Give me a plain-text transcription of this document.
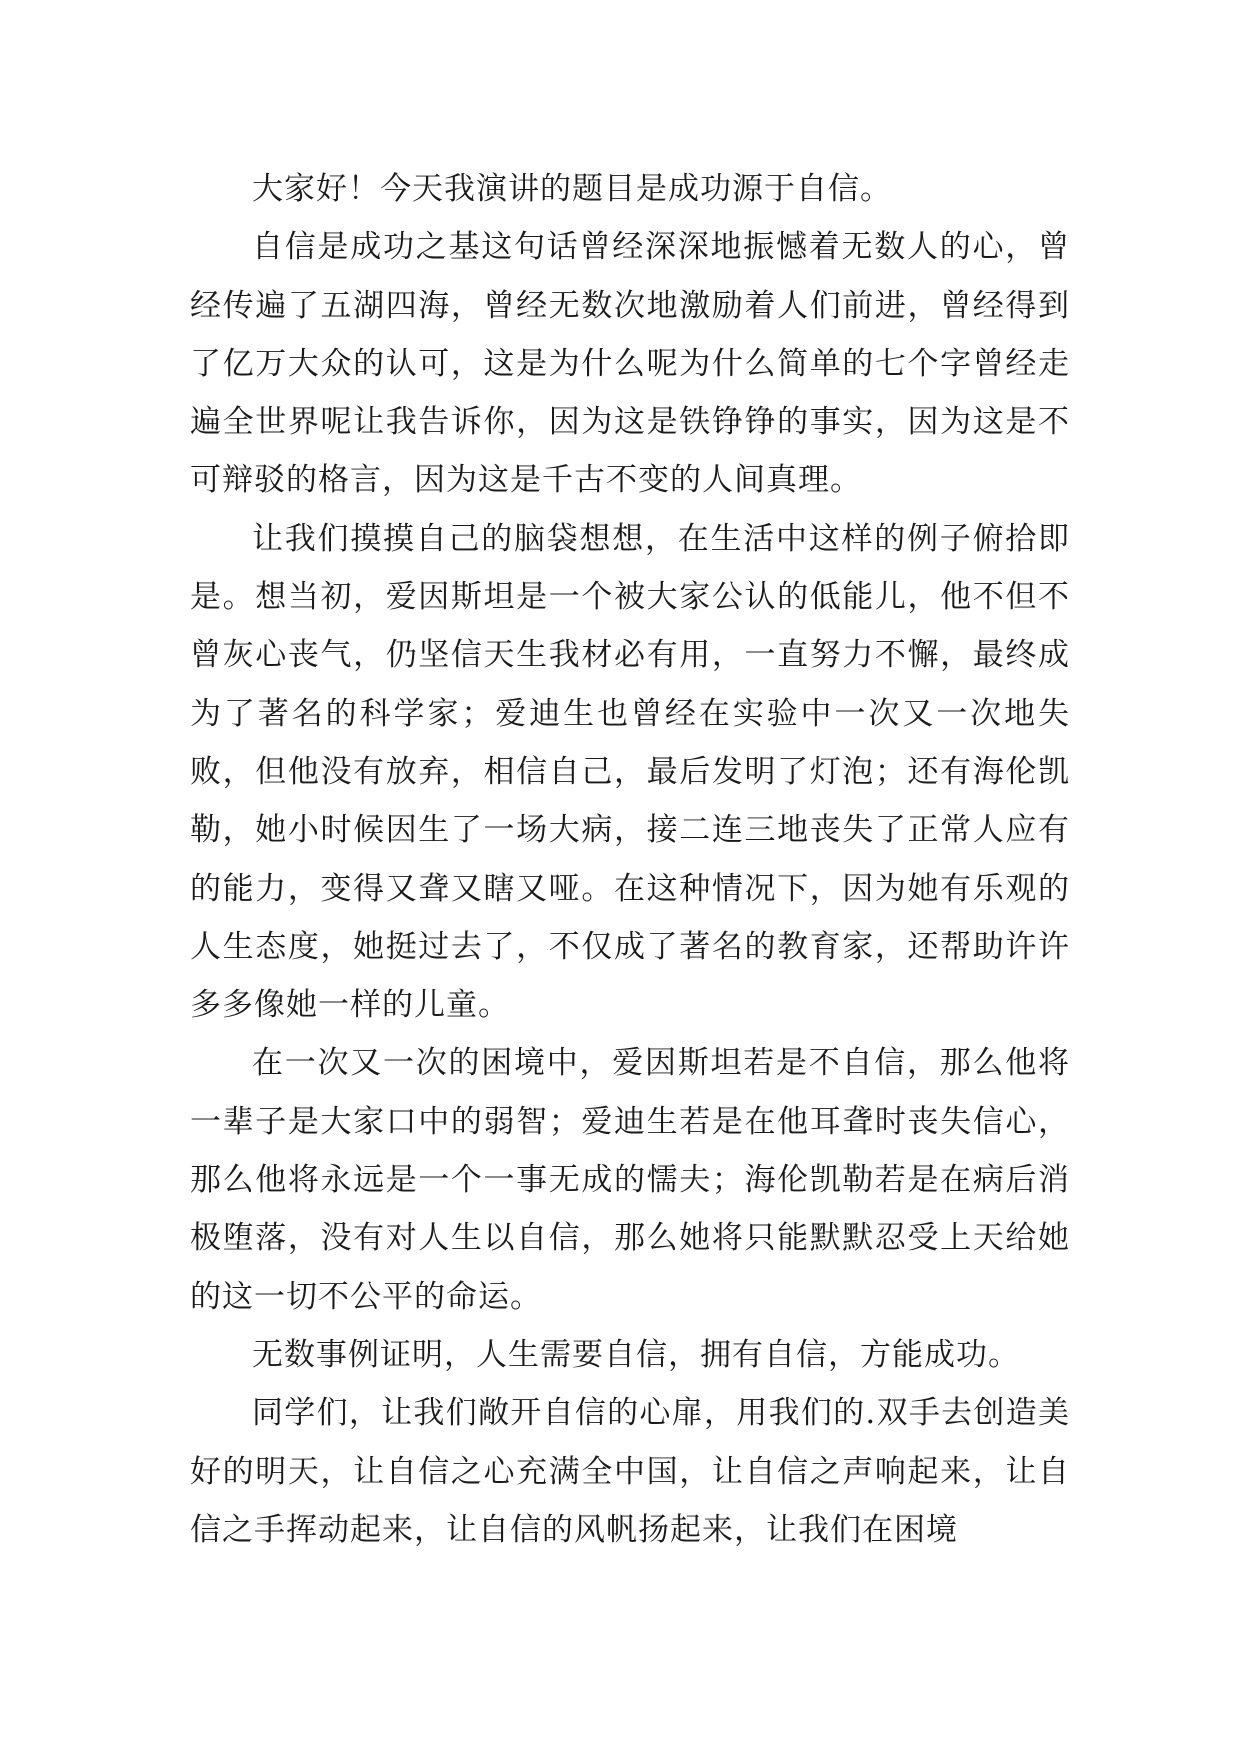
大家好！今天我演讲的题目是成功源于自信。

自信是成功之基这句话曾经深深地振憾着无数人的心，曾经传遍了五湖四海，曾经无数次地激励着人们前进，曾经得到了亿万大众的认可，这是为什么呢为什么简单的七个字曾经走遍全世界呢让我告诉你，因为这是铁铮铮的事实，因为这是不可辩驳的格言，因为这是千古不变的人间真理。

让我们摸摸自己的脑袋想想，在生活中这样的例子俯拾即是。想当初，爱因斯坦是一个被大家公认的低能儿，他不但不曾灰心丧气，仍坚信天生我材必有用，一直努力不懈，最终成为了著名的科学家；爱迪生也曾经在实验中一次又一次地失败，但他没有放弃，相信自己，最后发明了灯泡；还有海伦凯勒，她小时候因生了一场大病，接二连三地丧失了正常人应有的能力，变得又聋又瞎又哑。在这种情况下，因为她有乐观的人生态度，她挺过去了，不仅成了著名的教育家，还帮助许许多多像她一样的儿童。

在一次又一次的困境中，爱因斯坦若是不自信，那么他将一辈子是大家口中的弱智；爱迪生若是在他耳聋时丧失信心，那么他将永远是一个一事无成的懦夫；海伦凯勒若是在病后消极堕落，没有对人生以自信，那么她将只能默默忍受上天给她的这一切不公平的命运。

无数事例证明，人生需要自信，拥有自信，方能成功。

同学们，让我们敞开自信的心扉，用我们的.双手去创造美好的明天，让自信之心充满全中国，让自信之声响起来，让自信之手挥动起来，让自信的风帆扬起来，让我们在困境
